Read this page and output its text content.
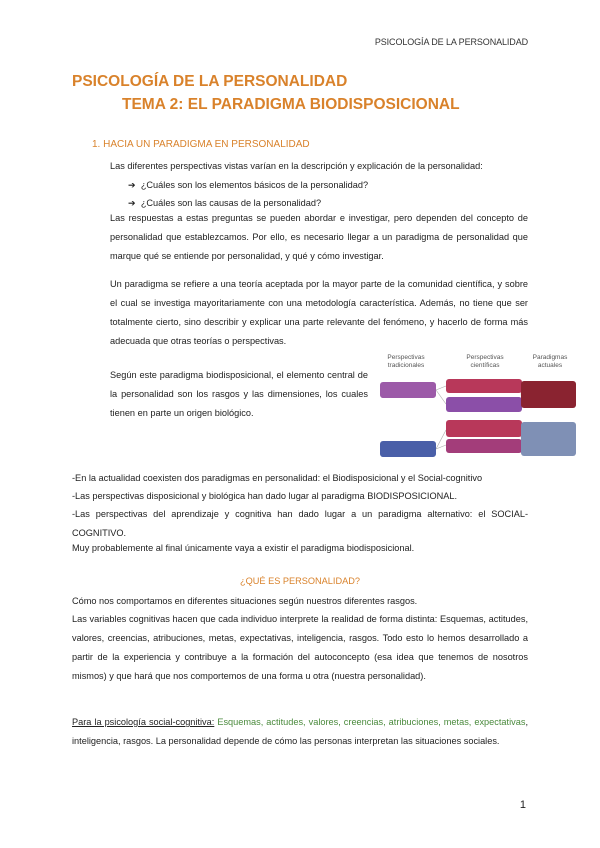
PSICOLOGÍA DE LA PERSONALIDAD
PSICOLOGÍA DE LA PERSONALIDAD
TEMA 2: EL PARADIGMA BIODISPOSICIONAL
1. HACIA UN PARADIGMA EN PERSONALIDAD
Las diferentes perspectivas vistas varían en la descripción y explicación de la personalidad:
➔ ¿Cuáles son los elementos básicos de la personalidad?
➔ ¿Cuáles son las causas de la personalidad?
Las respuestas a estas preguntas se pueden abordar e investigar, pero dependen del concepto de personalidad que establezcamos. Por ello, es necesario llegar a un paradigma de personalidad que marque qué se entiende por personalidad, y qué y cómo investigar.
Un paradigma se refiere a una teoría aceptada por la mayor parte de la comunidad científica, y sobre el cual se investiga mayoritariamente con una metodología característica. Además, no tiene que ser totalmente cierto, sino describir y explicar una parte relevante del fenómeno, y hacerlo de forma más adecuada que otras teorías o perspectivas.
Según este paradigma biodisposicional, el elemento central de la personalidad son los rasgos y las dimensiones, los cuales tienen en parte un origen biológico.
Perspectivas
tradicionales
Perspectivas
científicas
Paradigmas
actuales
-En la actualidad coexisten dos paradigmas en personalidad: el Biodisposicional y el Social-cognitivo
-Las perspectivas disposicional y biológica han dado lugar al paradigma BIODISPOSICIONAL.
-Las perspectivas del aprendizaje y cognitiva han dado lugar a un paradigma alternativo: el SOCIAL-COGNITIVO.
Muy probablemente al final únicamente vaya a existir el paradigma biodisposicional.
¿QUÉ ES PERSONALIDAD?
Cómo nos comportamos en diferentes situaciones según nuestros diferentes rasgos.
Las variables cognitivas hacen que cada individuo interprete la realidad de forma distinta: Esquemas, actitudes, valores, creencias, atribuciones, metas, expectativas, inteligencia, rasgos. Todo esto lo hemos desarrollado a partir de la experiencia y contribuye a la formación del autoconcepto (esa idea que tenemos de nosotros mismos) y que hará que nos comportemos de una forma u otra (nuestra personalidad).
Para la psicología social-cognitiva: Esquemas, actitudes, valores, creencias, atribuciones, metas, expectativas, inteligencia, rasgos. La personalidad depende de cómo las personas interpretan las situaciones sociales.
1
